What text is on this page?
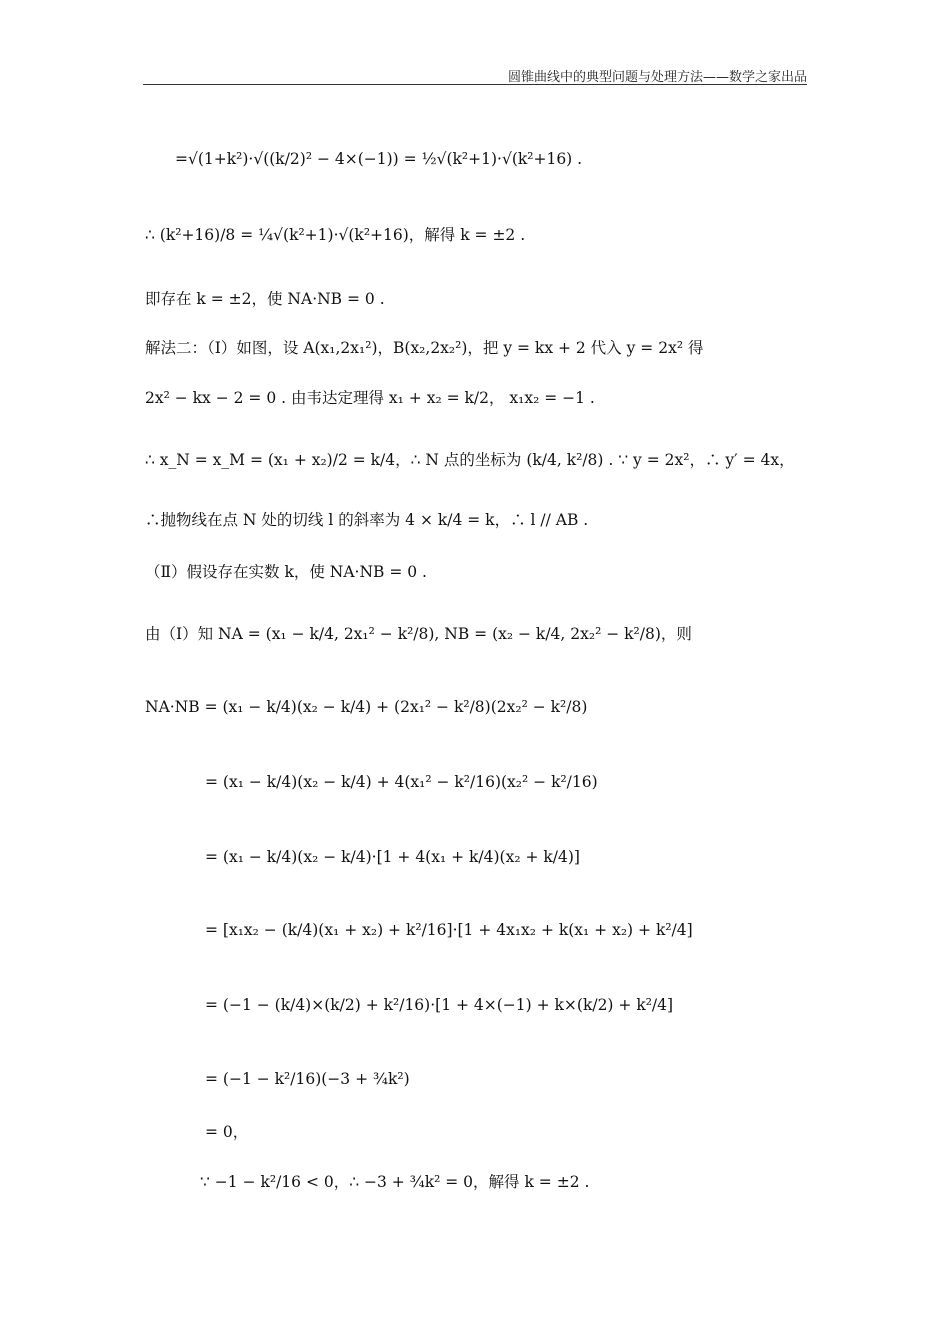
圆锥曲线中的典型问题与处理方法——数学之家出品
=√(1+k²)·√((k/2)² − 4×(−1)) = ½√(k²+1)·√(k²+16) .
∴ (k²+16)/8 = ¼√(k²+1)·√(k²+16)，解得 k = ±2 .
即存在 k = ±2，使 NA·NB = 0 .
解法二：（Ⅰ）如图，设 A(x₁,2x₁²)，B(x₂,2x₂²)，把 y = kx + 2 代入 y = 2x² 得
2x² − kx − 2 = 0 . 由韦达定理得 x₁ + x₂ = k/2， x₁x₂ = −1 .
∴ x_N = x_M = (x₁ + x₂)/2 = k/4，∴ N 点的坐标为 (k/4, k²/8) . ∵ y = 2x²，∴ y′ = 4x，
∴抛物线在点 N 处的切线 l 的斜率为 4 × k/4 = k，∴ l // AB .
（Ⅱ）假设存在实数 k，使 NA·NB = 0 .
由（Ⅰ）知 NA = (x₁ − k/4, 2x₁² − k²/8), NB = (x₂ − k/4, 2x₂² − k²/8)，则
NA·NB = (x₁ − k/4)(x₂ − k/4) + (2x₁² − k²/8)(2x₂² − k²/8)
= (x₁ − k/4)(x₂ − k/4) + 4(x₁² − k²/16)(x₂² − k²/16)
= (x₁ − k/4)(x₂ − k/4)·[1 + 4(x₁ + k/4)(x₂ + k/4)]
= [x₁x₂ − (k/4)(x₁ + x₂) + k²/16]·[1 + 4x₁x₂ + k(x₁ + x₂) + k²/4]
= (−1 − (k/4)×(k/2) + k²/16)·[1 + 4×(−1) + k×(k/2) + k²/4]
= (−1 − k²/16)(−3 + ¾k²)
= 0，
∵ −1 − k²/16 < 0，∴ −3 + ¾k² = 0，解得 k = ±2 .
